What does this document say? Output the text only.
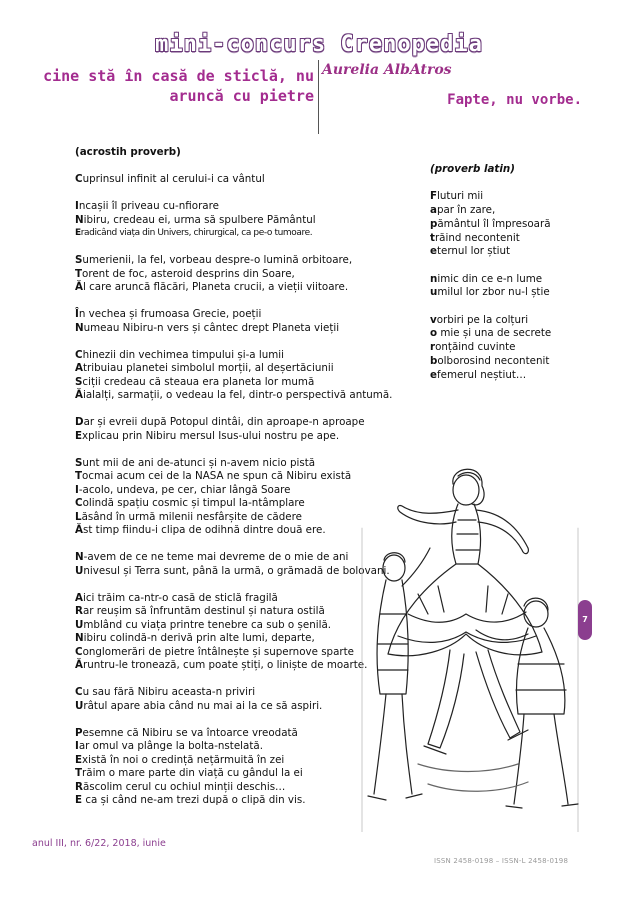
mini-concurs Crenopedia
cine stă în casă de sticlă, nu
aruncă cu pietre
Aurelia AlbAtros
Fapte, nu vorbe.
(acrostih proverb)
Cuprinsul infinit al cerului-i ca vântul
Incașii îl priveau cu-nfiorare
Nibiru, credeau ei, urma să spulbere Pământul
Eradicând viața din Univers, chirurgical, ca pe-o tumoare.
Sumerienii, la fel, vorbeau despre-o lumină orbitoare,
Torent de foc, asteroid desprins din Soare,
Ăl care aruncă flăcări, Planeta crucii, a vieții viitoare.
În vechea și frumoasa Grecie, poeții
Numeau Nibiru-n vers și cântec drept Planeta vieții
Chinezii din vechimea timpului și-a lumii
Atribuiau planetei simbolul morții, al deșertăciunii
Sciții credeau că steaua era planeta lor mumă
Ăialalți, sarmații, o vedeau la fel, dintr-o perspectivă antumă.
Dar și evreii după Potopul dintâi, din aproape-n aproape
Explicau prin Nibiru mersul Isus-ului nostru pe ape.
Sunt mii de ani de-atunci și n-avem nicio pistă
Tocmai acum cei de la NASA ne spun că Nibiru există
I-acolo, undeva, pe cer, chiar lângă Soare
Colindă spațiu cosmic și timpul la-ntâmplare
Lăsând în urmă milenii nesfârșite de cădere
Ăst timp fiindu-i clipa de odihnă dintre două ere.
N-avem de ce ne teme mai devreme de o mie de ani
Univesul și Terra sunt, până la urmă, o grămadă de bolovani.
Aici trăim ca-ntr-o casă de sticlă fragilă
Rar reușim să înfruntăm destinul și natura ostilă
Umblând cu viața printre tenebre ca sub o șenilă.
Nibiru colindă-n derivă prin alte lumi, departe,
Conglomerări de pietre întâlnește și supernove sparte
Ăruntru-le tronează, cum poate știți, o liniște de moarte.
Cu sau fără Nibiru aceasta-n priviri
Urâtul apare abia când nu mai ai la ce să aspiri.
Pesemne că Nibiru se va întoarce vreodată
Iar omul va plânge la bolta-nstelată.
Există în noi o credință nețărmuită în zei
Trăim o mare parte din viață cu gândul la ei
Răscolim cerul cu ochiul minții deschis…
E ca și când ne-am trezi după o clipă din vis.
(proverb latin)
Fluturi mii
apar în zare,
pământul îl împresoară
trăind necontenit
eternul lor știut
nimic din ce e-n lume
umilul lor zbor nu-l știe
vorbiri pe la colțuri
o mie și una de secrete
ronțăind cuvinte
bolborosind necontenit
efemerul neștiut…
7
anul III, nr. 6/22, 2018, iunie
ISSN 2458-0198 – ISSN-L 2458-0198
